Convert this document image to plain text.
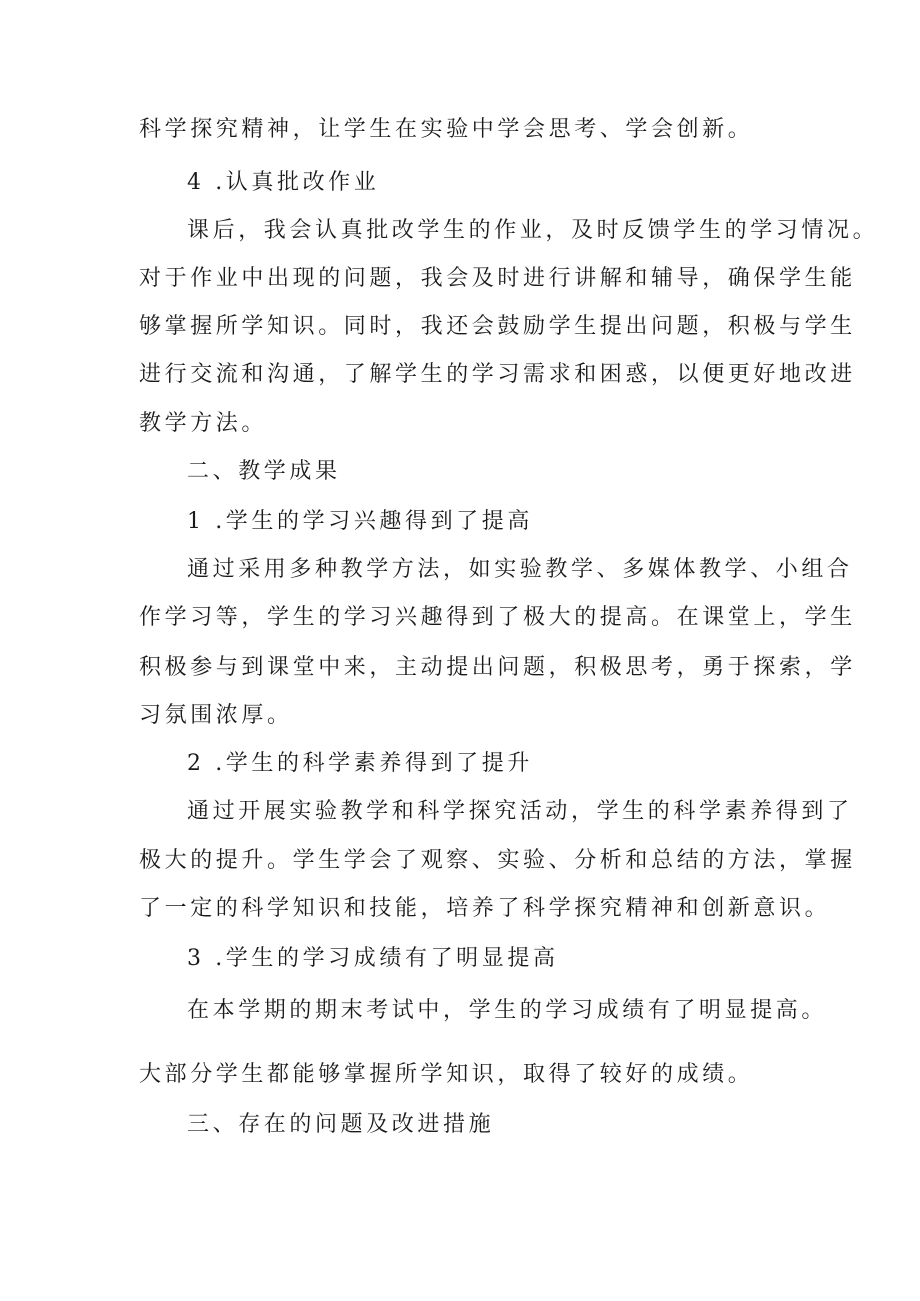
科学探究精神，让学生在实验中学会思考、学会创新。
4 .认真批改作业
课后，我会认真批改学生的作业，及时反馈学生的学习情况。
对于作业中出现的问题，我会及时进行讲解和辅导，确保学生能
够掌握所学知识。同时，我还会鼓励学生提出问题，积极与学生
进行交流和沟通，了解学生的学习需求和困惑，以便更好地改进
教学方法。
二、教学成果
1 .学生的学习兴趣得到了提高
通过采用多种教学方法，如实验教学、多媒体教学、小组合
作学习等，学生的学习兴趣得到了极大的提高。在课堂上，学生
积极参与到课堂中来，主动提出问题，积极思考，勇于探索，学
习氛围浓厚。
2 .学生的科学素养得到了提升
通过开展实验教学和科学探究活动，学生的科学素养得到了
极大的提升。学生学会了观察、实验、分析和总结的方法，掌握
了一定的科学知识和技能，培养了科学探究精神和创新意识。
3 .学生的学习成绩有了明显提高
在本学期的期末考试中，学生的学习成绩有了明显提高。
大部分学生都能够掌握所学知识，取得了较好的成绩。
三、存在的问题及改进措施
